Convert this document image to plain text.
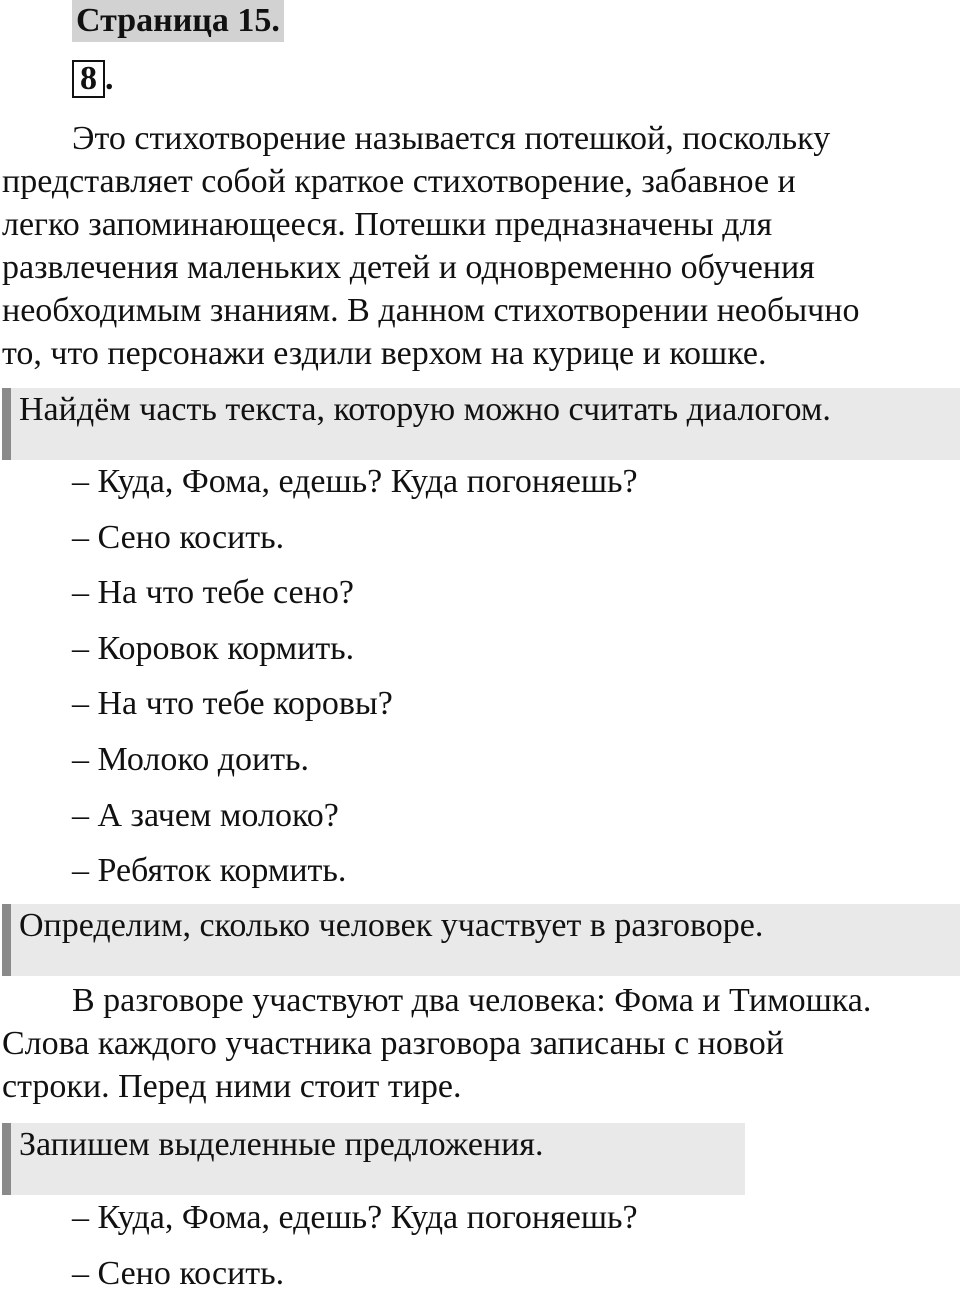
Страница 15.
8 .
Это стихотворение называется потешкой, поскольку
представляет собой краткое стихотворение, забавное и
легко запоминающееся. Потешки предназначены для
развлечения маленьких детей и одновременно обучения
необходимым знаниям. В данном стихотворении необычно
то, что персонажи ездили верхом на курице и кошке.
Найдём часть текста, которую можно считать диалогом.
– Куда, Фома, едешь? Куда погоняешь?
– Сено косить.
– На что тебе сено?
– Коровок кормить.
– На что тебе коровы?
– Молоко доить.
– А зачем молоко?
– Ребяток кормить.
Определим, сколько человек участвует в разговоре.
В разговоре участвуют два человека: Фома и Тимошка.
Слова каждого участника разговора записаны с новой
строки. Перед ними стоит тире.
Запишем выделенные предложения.
– Куда, Фома, едешь? Куда погоняешь?
– Сено косить.
